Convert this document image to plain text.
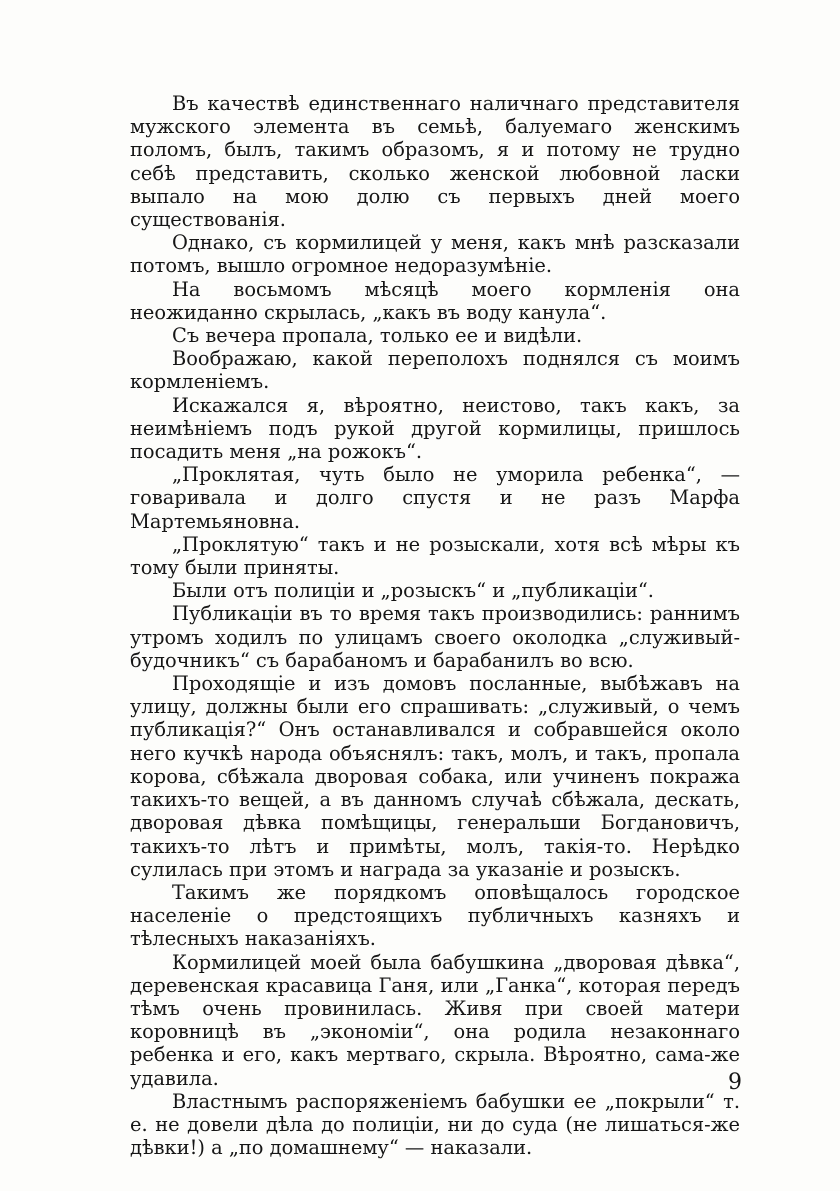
Въ качествѣ единственнаго наличнаго представителя мужского элемента въ семьѣ, балуемаго женскимъ поломъ, былъ, такимъ образомъ, я и потому не трудно себѣ представить, сколько женской любовной ласки выпало на мою долю съ первыхъ дней моего существованія.

Однако, съ кормилицей у меня, какъ мнѣ разсказали потомъ, вышло огромное недоразумѣніе.

На восьмомъ мѣсяцѣ моего кормленія она неожиданно скрылась, „какъ въ воду канула“.

Съ вечера пропала, только ее и видѣли.

Воображаю, какой переполохъ поднялся съ моимъ кормленіемъ.

Искажался я, вѣроятно, неистово, такъ какъ, за неимѣніемъ подъ рукой другой кормилицы, пришлось посадить меня „на рожокъ“.

„Проклятая, чуть было не уморила ребенка“, — говаривала и долго спустя и не разъ Марфа Мартемьяновна.

„Проклятую“ такъ и не розыскали, хотя всѣ мѣры къ тому были приняты.

Были отъ полиціи и „розыскъ“ и „публикаціи“.

Публикаціи въ то время такъ производились: раннимъ утромъ ходилъ по улицамъ своего околодка „служивый-будочникъ“ съ барабаномъ и барабанилъ во всю.

Проходящіе и изъ домовъ посланные, выбѣжавъ на улицу, должны были его спрашивать: „служивый, о чемъ публикація?“ Онъ останавливался и собравшейся около него кучкѣ народа объяснялъ: такъ, молъ, и такъ, пропала корова, сбѣжала дворовая собака, или учиненъ покража такихъ-то вещей, а въ данномъ случаѣ сбѣжала, дескать, дворовая дѣвка помѣщицы, генеральши Богдановичъ, такихъ-то лѣтъ и примѣты, молъ, такія-то. Нерѣдко сулилась при этомъ и награда за указаніе и розыскъ.

Такимъ же порядкомъ оповѣщалось городское населеніе о предстоящихъ публичныхъ казняхъ и тѣлесныхъ наказаніяхъ.

Кормилицей моей была бабушкина „дворовая дѣвка“, деревенская красавица Ганя, или „Ганка“, которая передъ тѣмъ очень провинилась. Живя при своей матери коровницѣ въ „экономіи“, она родила незаконнаго ребенка и его, какъ мертваго, скрыла. Вѣроятно, сама-же удавила.

Властнымъ распоряженіемъ бабушки ее „покрыли“ т. е. не довели дѣла до полиціи, ни до суда (не лишаться-же дѣвки!) а „по домашнему“ — наказали.

9
